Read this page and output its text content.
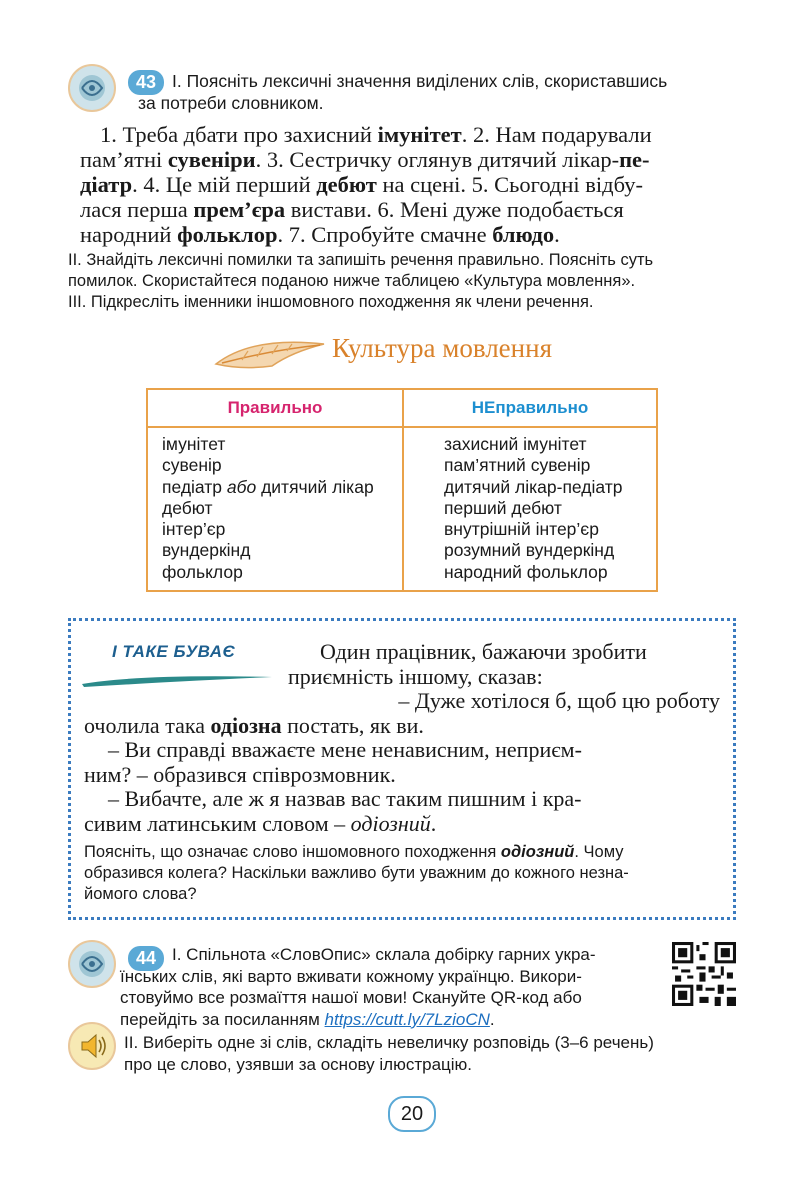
43 I. Поясніть лексичні значення виділених слів, скориставшись
за потреби словником.
1. Треба дбати про захисний імунітет. 2. Нам подарували
пам’ятні сувеніри. 3. Сестричку оглянув дитячий лікар-пе-
діатр. 4. Це мій перший дебют на сцені. 5. Сьогодні відбу-
лася перша прем’єра вистави. 6. Мені дуже подобається
народний фольклор. 7. Спробуйте смачне блюдо.
II. Знайдіть лексичні помилки та запишіть речення правильно. Поясніть суть
помилок. Скористайтеся поданою нижче таблицею «Культура мовлення».
III. Підкресліть іменники іншомовного походження як члени речення.
Культура мовлення
Правильно	НЕправильно
імунітет
сувенір
педіатр або дитячий лікар
дебют
інтер’єр
вундеркінд
фольклор
захисний імунітет
пам’ятний сувенір
дитячий лікар-педіатр
перший дебют
внутрішній інтер’єр
розумний вундеркінд
народний фольклор
І ТАКЕ БУВАЄ	Один працівник, бажаючи зробити
приємність іншому, сказав:
– Дуже хотілося б, щоб цю роботу
очолила така одіозна постать, як ви.
– Ви справді вважаєте мене ненависним, неприєм-
ним? – образився співрозмовник.
– Вибачте, але ж я назвав вас таким пишним і кра-
сивим латинським словом – одіозний.
Поясніть, що означає слово іншомовного походження одіозний. Чому
образився колега? Наскільки важливо бути уважним до кожного незна-
йомого слова?
44 I. Спільнота «СловОпис» склала добірку гарних укра-
їнських слів, які варто вживати кожному українцю. Викори-
стовуймо все розмаїття нашої мови! Скануйте QR-код або
перейдіть за посиланням https://cutt.ly/7LzioCN.
II. Виберіть одне зі слів, складіть невеличку розповідь (3–6 речень)
про це слово, узявши за основу ілюстрацію.
20
